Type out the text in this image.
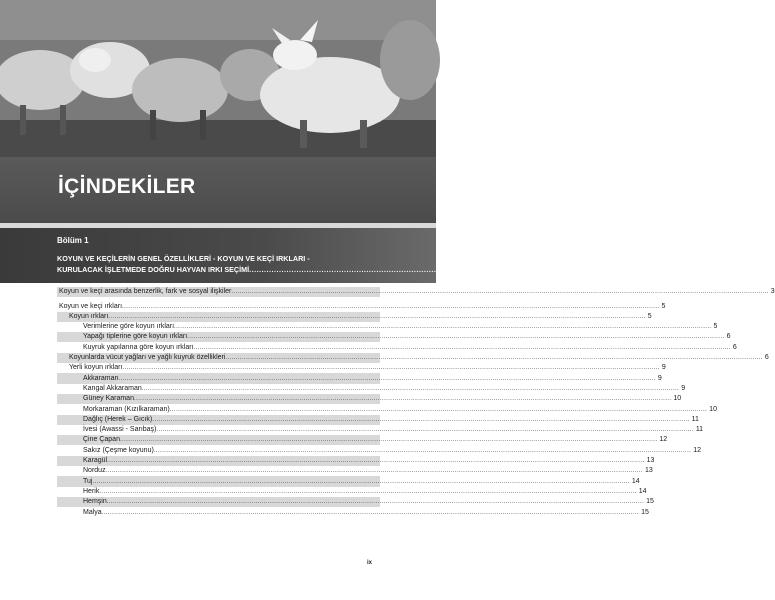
İÇİNDEKİLER
Bölüm 1
KOYUN VE KEÇİLERİN GENEL ÖZELLİKLERİ - KOYUN VE KEÇİ IRKLARI -
KURULACAK İŞLETMEDE DOĞRU HAYVAN IRKI SEÇİMİ .................................................................................................... 1
Koyun ve keçi arasında benzerlik, fark ve sosyal ilişkiler .................................................................................................................................................................................................................................................................... 3
Koyun ve keçi ırkları .................................................................................................................................................................................................................................................................... 5
Koyun ırkları .................................................................................................................................................................................................................................................................... 5
Verimlerine göre koyun ırkları .................................................................................................................................................................................................................................................................... 5
Yapağı tiplerine göre koyun ırkları .................................................................................................................................................................................................................................................................... 6
Kuyruk yapılarına göre koyun ırkları .................................................................................................................................................................................................................................................................... 6
Koyunlarda vücut yağları ve yağlı kuyruk özellikleri .................................................................................................................................................................................................................................................................... 6
Yerli koyun ırkları .................................................................................................................................................................................................................................................................... 9
Akkaraman .................................................................................................................................................................................................................................................................... 9
Kangal Akkaraman .................................................................................................................................................................................................................................................................... 9
Güney Karaman .................................................................................................................................................................................................................................................................... 10
Morkaraman (Kızılkaraman) .................................................................................................................................................................................................................................................................... 10
Dağlıç (Herek – Gıcık) .................................................................................................................................................................................................................................................................... 11
İvesi (Awassi - Sarıbaş) .................................................................................................................................................................................................................................................................... 11
Çine Çapan .................................................................................................................................................................................................................................................................... 12
Sakız (Çeşme koyunu) .................................................................................................................................................................................................................................................................... 12
Karagül .................................................................................................................................................................................................................................................................... 13
Norduz .................................................................................................................................................................................................................................................................... 13
Tuj .................................................................................................................................................................................................................................................................... 14
Herik .................................................................................................................................................................................................................................................................... 14
Hemşin .................................................................................................................................................................................................................................................................... 15
Malya .................................................................................................................................................................................................................................................................... 15
ix
